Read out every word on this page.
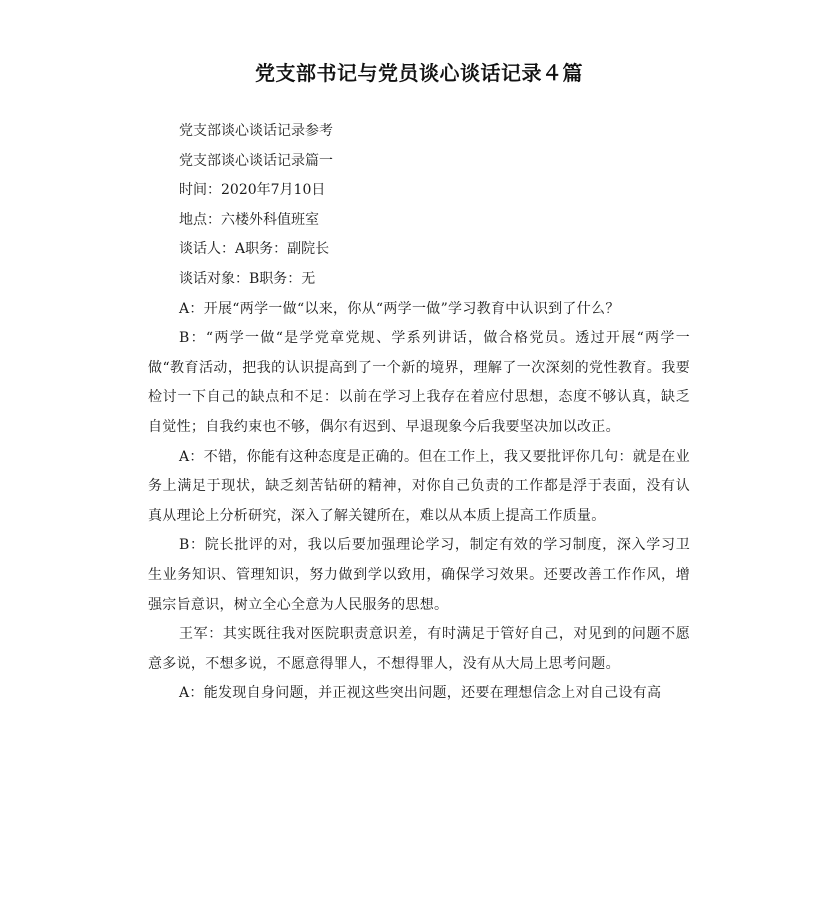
党支部书记与党员谈心谈话记录４篇

党支部谈心谈话记录参考

党支部谈心谈话记录篇一

时间：2020年7月10日

地点：六楼外科值班室

谈话人：A职务：副院长

谈话对象：B职务：无

A：开展“两学一做“以来，你从“两学一做”学习教育中认识到了什么？

B：“两学一做“是学党章党规、学系列讲话，做合格党员。透过开展“两学一做“教育活动，把我的认识提高到了一个新的境界，理解了一次深刻的党性教育。我要检讨一下自己的缺点和不足：以前在学习上我存在着应付思想，态度不够认真，缺乏自觉性；自我约束也不够，偶尔有迟到、早退现象今后我要坚决加以改正。

A：不错，你能有这种态度是正确的。但在工作上，我又要批评你几句：就是在业务上满足于现状，缺乏刻苦钻研的精神，对你自己负责的工作都是浮于表面，没有认真从理论上分析研究，深入了解关键所在，难以从本质上提高工作质量。

B：院长批评的对，我以后要加强理论学习，制定有效的学习制度，深入学习卫生业务知识、管理知识，努力做到学以致用，确保学习效果。还要改善工作作风，增强宗旨意识，树立全心全意为人民服务的思想。

王军：其实既往我对医院职责意识差，有时满足于管好自己，对见到的问题不愿意多说，不想多说，不愿意得罪人，不想得罪人，没有从大局上思考问题。

A：能发现自身问题，并正视这些突出问题，还要在理想信念上对自己设有高
